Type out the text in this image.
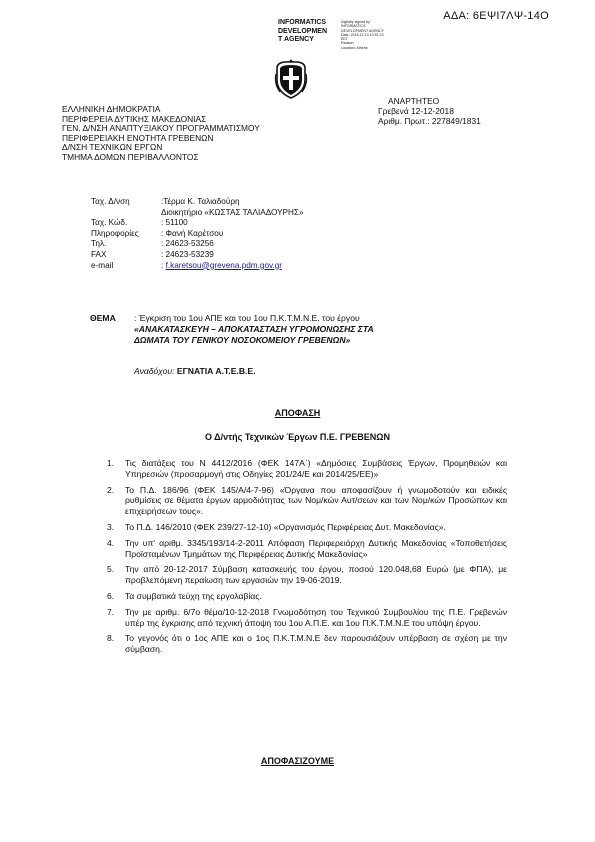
ΑΔΑ: 6ΕΨΙ7ΛΨ-14Ο
INFORMATICS
DEVELOPMEN
T AGENCY
Digitally signed by
INFORMATICS
DEVELOPMENT AGENCY
Date: 2018.12.13 10:51:23
EET
Reason:
Location: Athens
ΕΛΛΗΝΙΚΗ ΔΗΜΟΚΡΑΤΙΑ
ΠΕΡΙΦΕΡΕΙΑ ΔΥΤΙΚΗΣ ΜΑΚΕΔΟΝΙΑΣ
ΓΕΝ. Δ/ΝΣΗ ΑΝΑΠΤΥΞΙΑΚΟΥ ΠΡΟΓΡΑΜΜΑΤΙΣΜΟΥ
ΠΕΡΙΦΕΡΕΙΑΚΗ ΕΝΟΤΗΤΑ ΓΡΕΒΕΝΩΝ
Δ/ΝΣΗ ΤΕΧΝΙΚΩΝ ΕΡΓΩΝ
ΤΜΗΜΑ ΔΟΜΩΝ ΠΕΡΙΒΑΛΛΟΝΤΟΣ
ΑΝΑΡΤΗΤΕΟ
Γρεβενά 12-12-2018
Αριθμ. Πρωτ.: 227849/1831
Ταχ. Δ/νση	:Τέρμα Κ. Ταλιαδούρη
Διοικητήριο «ΚΩΣΤΑΣ ΤΑΛΙΑΔΟΥΡΗΣ»
Ταχ. Κώδ.	: 51100
Πληροφορίες	: Φανή Καρέτσου
Τηλ.	: 24623-53256
FAX	: 24623-53239
e-mail	: f.karetsou@grevena.pdm.gov.gr
ΘΕΜΑ	: Έγκριση του 1ου ΑΠΕ και του 1ου Π.Κ.Τ.Μ.Ν.Ε. του έργου
«ΑΝΑΚΑΤΑΣΚΕΥΗ – ΑΠΟΚΑΤΑΣΤΑΣΗ ΥΓΡΟΜΟΝΩΣΗΣ ΣΤΑ
ΔΩΜΑΤΑ ΤΟΥ ΓΕΝΙΚΟΥ ΝΟΣΟΚΟΜΕΙΟΥ ΓΡΕΒΕΝΩΝ»
Αναδόχου: ΕΓΝΑΤΙΑ Α.Τ.Ε.Β.Ε.
ΑΠΟΦΑΣΗ
Ο Δ/ντής Τεχνικών Έργων Π.Ε. ΓΡΕΒΕΝΩΝ
1. Τις διατάξεις του Ν 4412/2016 (ΦΕΚ 147Α΄) «Δημόσιες Συμβάσεις Έργων, Προμηθειών και Υπηρεσιών (προσαρμογή στις Οδηγίες 201/24/Ε και 2014/25/ΕΕ)»
2. Το Π.Δ. 186/96 (ΦΕΚ 145/Α/4-7-96) «Όργανα που αποφασίζουν ή γνωμοδοτούν και ειδικές ρυθμίσεις σε θέματα έργων αρμοδιότητας των Νομ/κών Αυτ/σεων και των Νομ/κών Προσώπων και επιχειρήσεων τους».
3. Το Π.Δ. 146/2010 (ΦΕΚ 239/27-12-10) «Οργανισμός Περιφέρειας Δυτ. Μακεδονίας».
4. Την υπ' αριθμ. 3345/193/14-2-2011 Απόφαση Περιφερειάρχη Δυτικής Μακεδονίας «Τοποθετήσεις Προϊσταμένων Τμημάτων της Περιφέρειας Δυτικής Μακεδονίας»
5. Την από 20-12-2017 Σύμβαση κατασκευής του έργου, ποσού 120.048,68 Ευρώ (με ΦΠΑ), με προβλεπόμενη περαίωση των εργασιών την 19-06-2019.
6. Τα συμβατικά τεύχη της εργολαβίας.
7. Την με αριθμ. 6/7ο θέμα/10-12-2018 Γνωμοδότηση του Τεχνικού Συμβουλίου της Π.Ε. Γρεβενών υπέρ της έγκρισης από τεχνική άποψη του 1ου Α.Π.Ε. και 1ου Π.Κ.Τ.Μ.Ν.Ε του υπόψη έργου.
8. Το γεγονός ότι ο 1ος ΑΠΕ και ο 1ος Π.Κ.Τ.Μ.Ν.Ε δεν παρουσιάζουν υπέρβαση σε σχέση με την σύμβαση.
ΑΠΟΦΑΣΙΖΟΥΜΕ
